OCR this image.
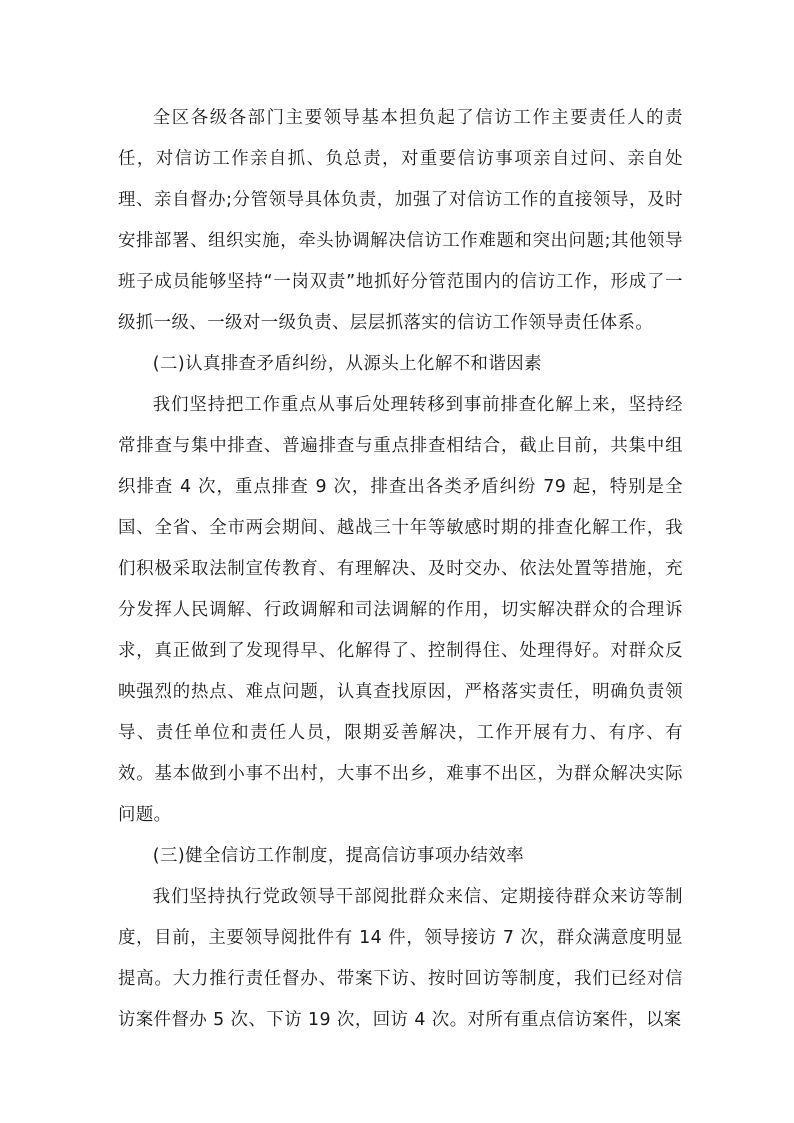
全区各级各部门主要领导基本担负起了信访工作主要责任人的责任，对信访工作亲自抓、负总责，对重要信访事项亲自过问、亲自处理、亲自督办;分管领导具体负责，加强了对信访工作的直接领导，及时安排部署、组织实施，牵头协调解决信访工作难题和突出问题;其他领导班子成员能够坚持“一岗双责”地抓好分管范围内的信访工作，形成了一级抓一级、一级对一级负责、层层抓落实的信访工作领导责任体系。

(二)认真排查矛盾纠纷，从源头上化解不和谐因素

我们坚持把工作重点从事后处理转移到事前排查化解上来，坚持经常排查与集中排查、普遍排查与重点排查相结合，截止目前，共集中组织排查 4 次，重点排查 9 次，排查出各类矛盾纠纷 79 起，特别是全国、全省、全市两会期间、越战三十年等敏感时期的排查化解工作，我们积极采取法制宣传教育、有理解决、及时交办、依法处置等措施，充分发挥人民调解、行政调解和司法调解的作用，切实解决群众的合理诉求，真正做到了发现得早、化解得了、控制得住、处理得好。对群众反映强烈的热点、难点问题，认真查找原因，严格落实责任，明确负责领导、责任单位和责任人员，限期妥善解决，工作开展有力、有序、有效。基本做到小事不出村，大事不出乡，难事不出区，为群众解决实际问题。

(三)健全信访工作制度，提高信访事项办结效率

我们坚持执行党政领导干部阅批群众来信、定期接待群众来访等制度，目前，主要领导阅批件有 14 件，领导接访 7 次，群众满意度明显提高。大力推行责任督办、带案下访、按时回访等制度，我们已经对信访案件督办 5 次、下访 19 次，回访 4 次。对所有重点信访案件，以案
